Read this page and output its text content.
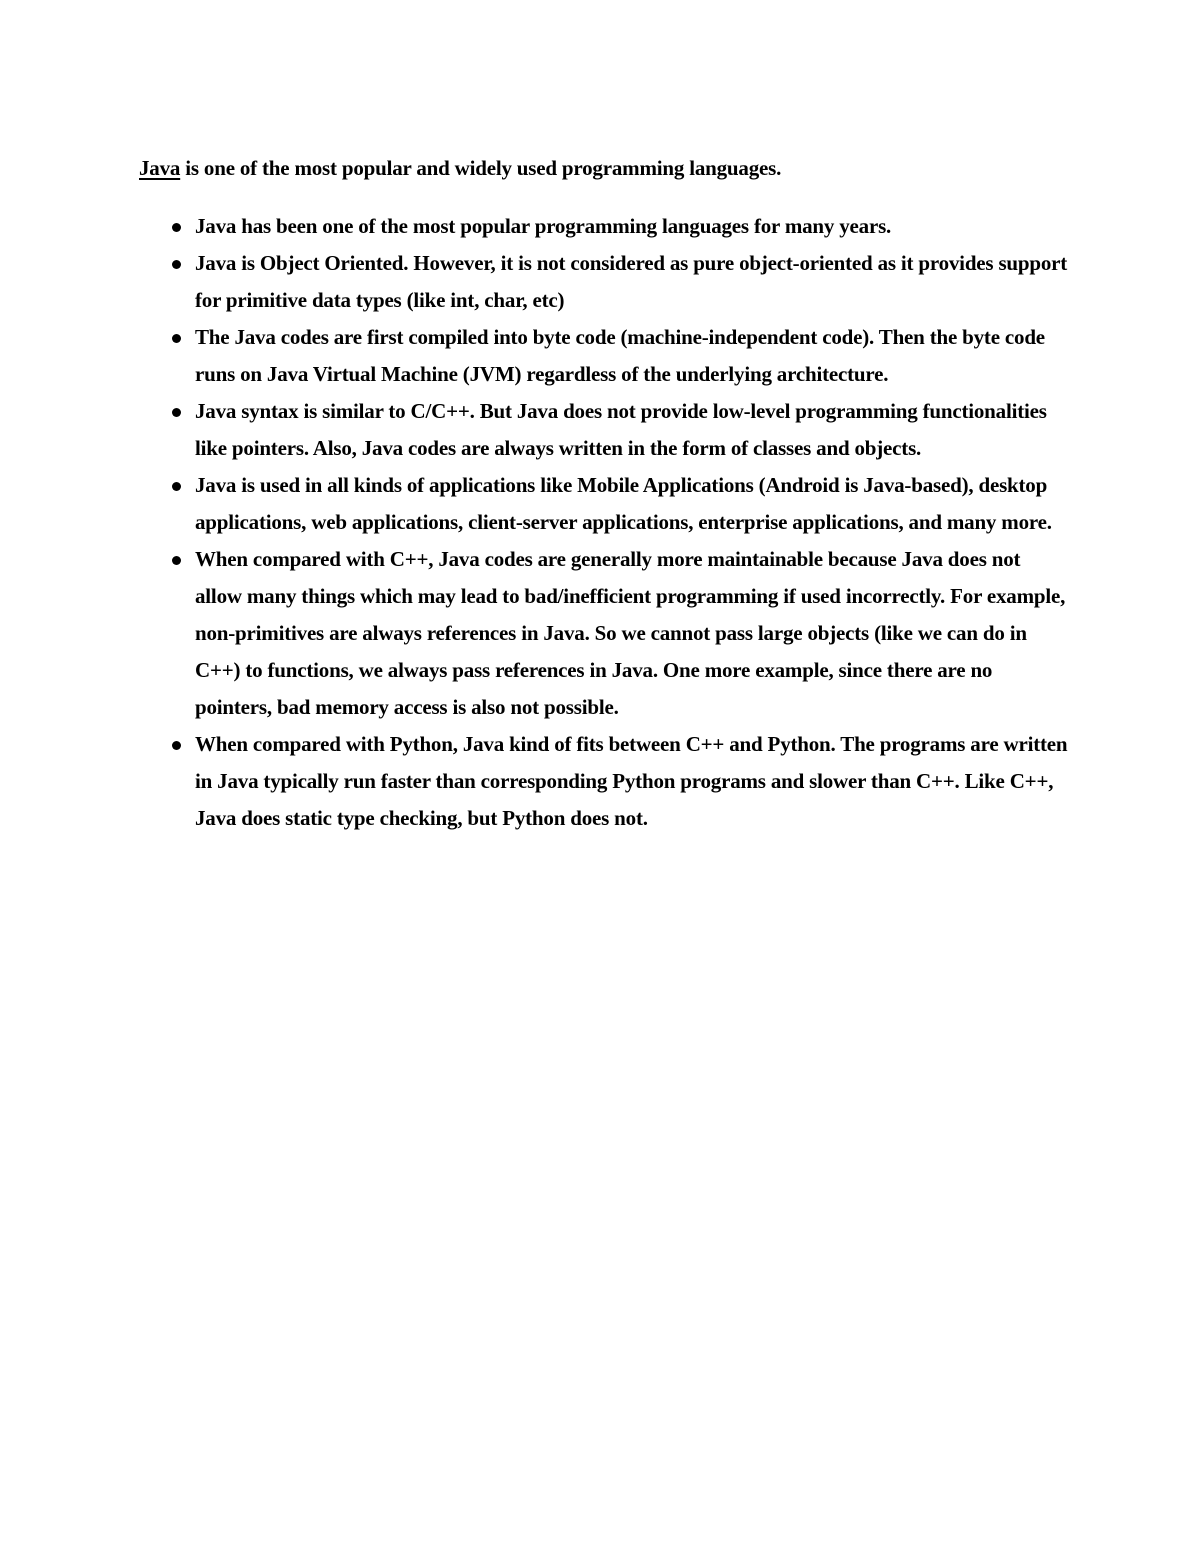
Java is one of the most popular and widely used programming languages.

Java has been one of the most popular programming languages for many years.
Java is Object Oriented. However, it is not considered as pure object-oriented as it provides support for primitive data types (like int, char, etc)
The Java codes are first compiled into byte code (machine-independent code). Then the byte code runs on Java Virtual Machine (JVM) regardless of the underlying architecture.
Java syntax is similar to C/C++. But Java does not provide low-level programming functionalities like pointers. Also, Java codes are always written in the form of classes and objects.
Java is used in all kinds of applications like Mobile Applications (Android is Java-based), desktop applications, web applications, client-server applications, enterprise applications, and many more.
When compared with C++, Java codes are generally more maintainable because Java does not allow many things which may lead to bad/inefficient programming if used incorrectly. For example, non-primitives are always references in Java. So we cannot pass large objects (like we can do in C++) to functions, we always pass references in Java. One more example, since there are no pointers, bad memory access is also not possible.
When compared with Python, Java kind of fits between C++ and Python. The programs are written in Java typically run faster than corresponding Python programs and slower than C++. Like C++, Java does static type checking, but Python does not.
